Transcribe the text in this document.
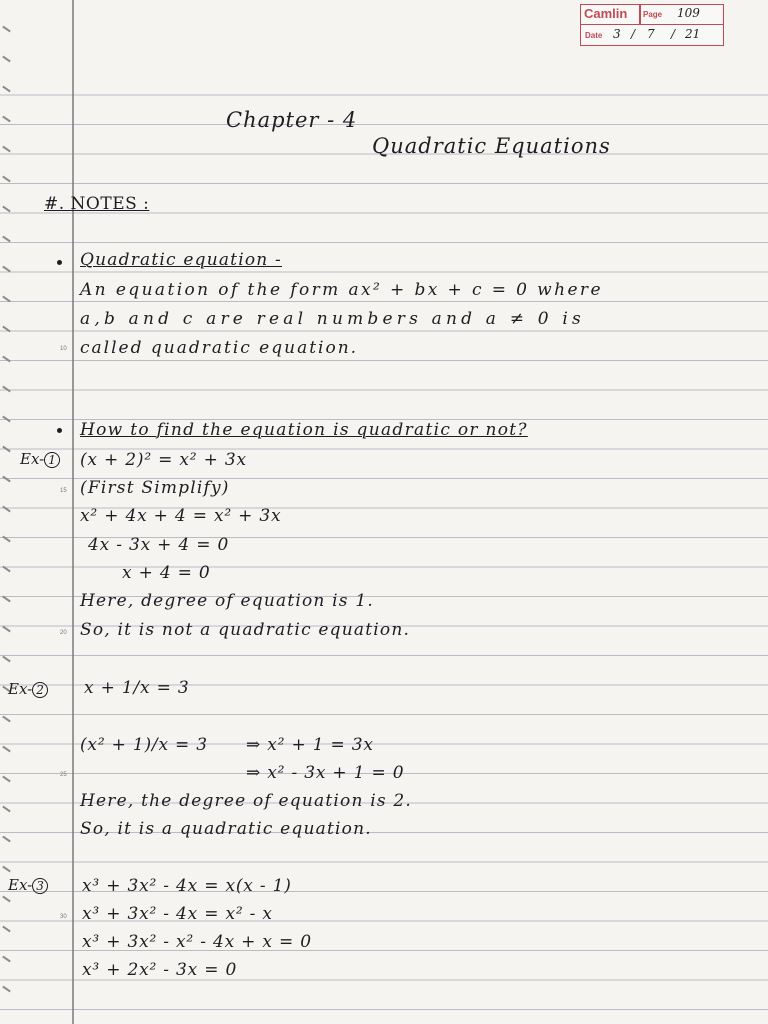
Camlin Page 109
Date 3 / 7 / 21
Chapter - 4
Quadratic Equations
#. NOTES :
Quadratic equation -
An equation of the form ax² + bx + c = 0 where
a,b and c are real numbers and a ≠ 0 is
called quadratic equation.
How to find the equation is quadratic or not?
Ex- 1 (x + 2)² = x² + 3x
(First Simplify)
x² + 4x + 4 = x² + 3x
4x - 3x + 4 = 0
x + 4 = 0
Here, degree of equation is 1.
So, it is not a quadratic equation.
Ex- 2 x + 1/x = 3
(x² + 1)/x = 3 ⇒ x² + 1 = 3x
⇒ x² - 3x + 1 = 0
Here, the degree of equation is 2.
So, it is a quadratic equation.
Ex- 3 x³ + 3x² - 4x = x(x - 1)
x³ + 3x² - 4x = x² - x
x³ + 3x² - x² - 4x + x = 0
x³ + 2x² - 3x = 0
10
15
20
25
30
